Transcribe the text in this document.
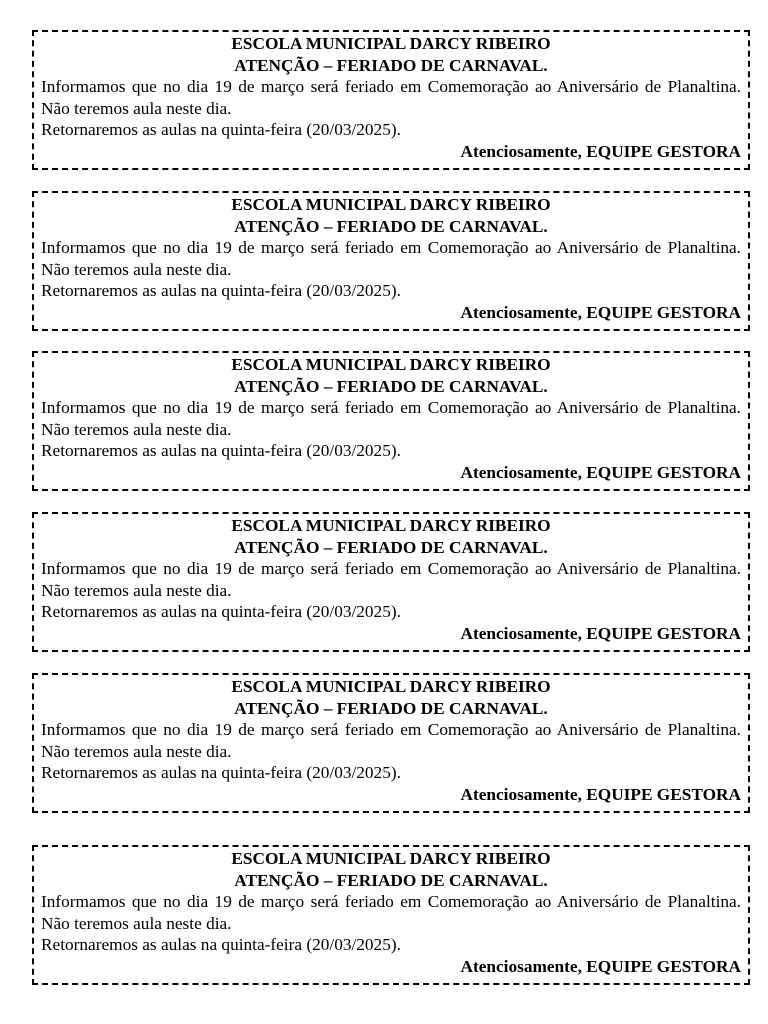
ESCOLA MUNICIPAL DARCY RIBEIRO
ATENÇÃO – FERIADO DE CARNAVAL.
Informamos que no dia 19 de março será feriado em Comemoração ao Aniversário de Planaltina. Não teremos aula neste dia.
Retornaremos as aulas na quinta-feira (20/03/2025).
Atenciosamente, EQUIPE GESTORA
ESCOLA MUNICIPAL DARCY RIBEIRO
ATENÇÃO – FERIADO DE CARNAVAL.
Informamos que no dia 19 de março será feriado em Comemoração ao Aniversário de Planaltina. Não teremos aula neste dia.
Retornaremos as aulas na quinta-feira (20/03/2025).
Atenciosamente, EQUIPE GESTORA
ESCOLA MUNICIPAL DARCY RIBEIRO
ATENÇÃO – FERIADO DE CARNAVAL.
Informamos que no dia 19 de março será feriado em Comemoração ao Aniversário de Planaltina. Não teremos aula neste dia.
Retornaremos as aulas na quinta-feira (20/03/2025).
Atenciosamente, EQUIPE GESTORA
ESCOLA MUNICIPAL DARCY RIBEIRO
ATENÇÃO – FERIADO DE CARNAVAL.
Informamos que no dia 19 de março será feriado em Comemoração ao Aniversário de Planaltina. Não teremos aula neste dia.
Retornaremos as aulas na quinta-feira (20/03/2025).
Atenciosamente, EQUIPE GESTORA
ESCOLA MUNICIPAL DARCY RIBEIRO
ATENÇÃO – FERIADO DE CARNAVAL.
Informamos que no dia 19 de março será feriado em Comemoração ao Aniversário de Planaltina. Não teremos aula neste dia.
Retornaremos as aulas na quinta-feira (20/03/2025).
Atenciosamente, EQUIPE GESTORA
ESCOLA MUNICIPAL DARCY RIBEIRO
ATENÇÃO – FERIADO DE CARNAVAL.
Informamos que no dia 19 de março será feriado em Comemoração ao Aniversário de Planaltina. Não teremos aula neste dia.
Retornaremos as aulas na quinta-feira (20/03/2025).
Atenciosamente, EQUIPE GESTORA
